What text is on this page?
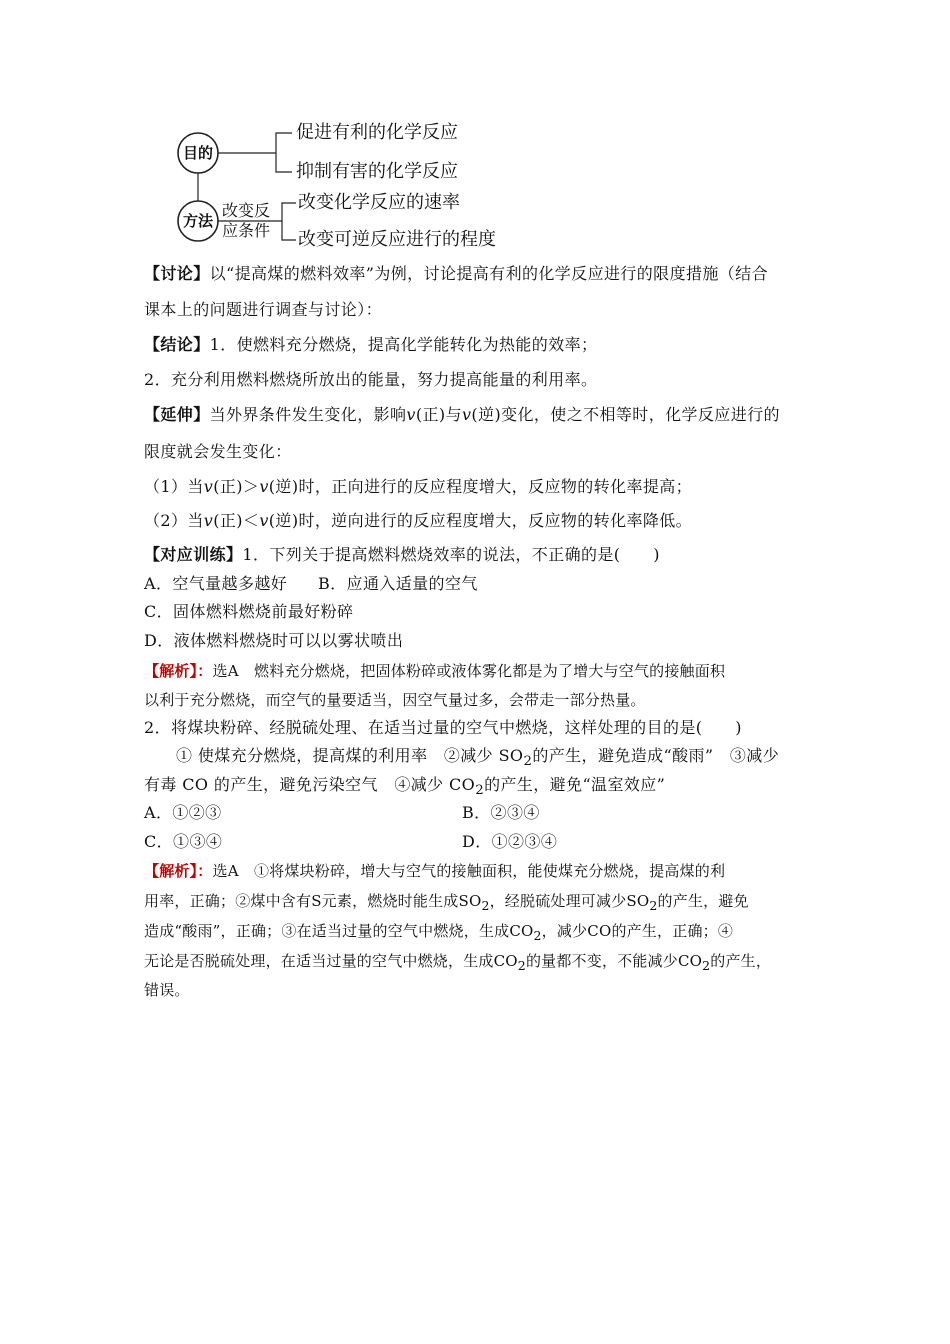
目的
方法
改变反
应条件
促进有利的化学反应
抑制有害的化学反应
改变化学反应的速率
改变可逆反应进行的程度
【讨论】以“提高煤的燃料效率”为例，讨论提高有利的化学反应进行的限度措施（结合
课本上的问题进行调查与讨论）：
【结论】1．使燃料充分燃烧，提高化学能转化为热能的效率；
2．充分利用燃料燃烧所放出的能量，努力提高能量的利用率。
【延伸】当外界条件发生变化，影响v(正)与v(逆)变化，使之不相等时，化学反应进行的
限度就会发生变化：
（1）当v(正)＞v(逆)时，正向进行的反应程度增大，反应物的转化率提高；
（2）当v(正)＜v(逆)时，逆向进行的反应程度增大，反应物的转化率降低。
【对应训练】1．下列关于提高燃料燃烧效率的说法，不正确的是(　　)
A．空气量越多越好 B．应通入适量的空气
C．固体燃料燃烧前最好粉碎
D．液体燃料燃烧时可以以雾状喷出
【解析】：选A　燃料充分燃烧，把固体粉碎或液体雾化都是为了增大与空气的接触面积
以利于充分燃烧，而空气的量要适当，因空气量过多，会带走一部分热量。
2．将煤块粉碎、经脱硫处理、在适当过量的空气中燃烧，这样处理的目的是(　　)
① 使煤充分燃烧，提高煤的利用率　②减少 $SO_2$的产生，避免造成“酸雨”　③减少
有毒 CO 的产生，避免污染空气　④减少 $CO_2$的产生，避免“温室效应”
A．①②③	B．②③④
C．①③④	D．①②③④
【解析】：选A　①将煤块粉碎，增大与空气的接触面积，能使煤充分燃烧，提高煤的利
用率，正确；②煤中含有S元素，燃烧时能生成$SO_2$，经脱硫处理可减少$SO_2$的产生，避免
造成“酸雨”，正确；③在适当过量的空气中燃烧，生成$CO_2$，减少CO的产生，正确；④
无论是否脱硫处理，在适当过量的空气中燃烧，生成$CO_2$的量都不变，不能减少$CO_2$的产生，
错误。
